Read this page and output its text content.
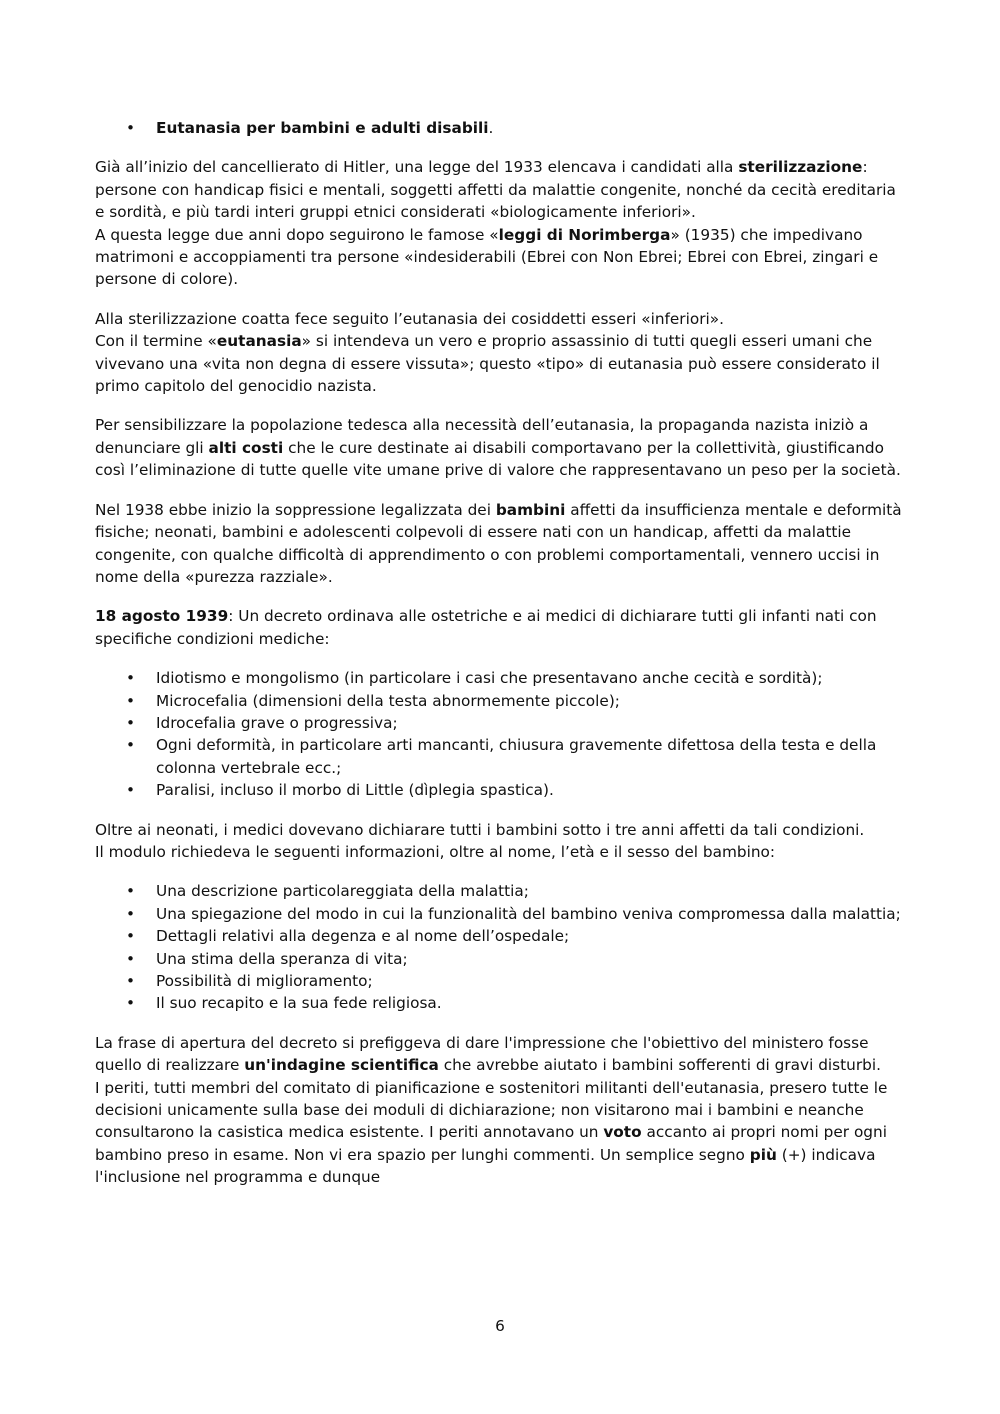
• Eutanasia per bambini e adulti disabili.

Già all’inizio del cancellierato di Hitler, una legge del 1933 elencava i candidati alla sterilizzazione: persone con handicap fisici e mentali, soggetti affetti da malattie congenite, nonché da cecità ereditaria e sordità, e più tardi interi gruppi etnici considerati «biologicamente inferiori».
A questa legge due anni dopo seguirono le famose «leggi di Norimberga» (1935) che impedivano matrimoni e accoppiamenti tra persone «indesiderabili (Ebrei con Non Ebrei; Ebrei con Ebrei, zingari e persone di colore).

Alla sterilizzazione coatta fece seguito l’eutanasia dei cosiddetti esseri «inferiori».
Con il termine «eutanasia» si intendeva un vero e proprio assassinio di tutti quegli esseri umani che vivevano una «vita non degna di essere vissuta»; questo «tipo» di eutanasia può essere considerato il primo capitolo del genocidio nazista.

Per sensibilizzare la popolazione tedesca alla necessità dell’eutanasia, la propaganda nazista iniziò a denunciare gli alti costi che le cure destinate ai disabili comportavano per la collettività, giustificando così l’eliminazione di tutte quelle vite umane prive di valore che rappresentavano un peso per la società.

Nel 1938 ebbe inizio la soppressione legalizzata dei bambini affetti da insufficienza mentale e deformità fisiche; neonati, bambini e adolescenti colpevoli di essere nati con un handicap, affetti da malattie congenite, con qualche difficoltà di apprendimento o con problemi comportamentali, vennero uccisi in nome della «purezza razziale».

18 agosto 1939: Un decreto ordinava alle ostetriche e ai medici di dichiarare tutti gli infanti nati con specifiche condizioni mediche:

• Idiotismo e mongolismo (in particolare i casi che presentavano anche cecità e sordità);
• Microcefalia (dimensioni della testa abnormemente piccole);
• Idrocefalia grave o progressiva;
• Ogni deformità, in particolare arti mancanti, chiusura gravemente difettosa della testa e della colonna vertebrale ecc.;
• Paralisi, incluso il morbo di Little (dìplegia spastica).

Oltre ai neonati, i medici dovevano dichiarare tutti i bambini sotto i tre anni affetti da tali condizioni.
Il modulo richiedeva le seguenti informazioni, oltre al nome, l’età e il sesso del bambino:

• Una descrizione particolareggiata della malattia;
• Una spiegazione del modo in cui la funzionalità del bambino veniva compromessa dalla malattia;
• Dettagli relativi alla degenza e al nome dell’ospedale;
• Una stima della speranza di vita;
• Possibilità di miglioramento;
• Il suo recapito e la sua fede religiosa.

La frase di apertura del decreto si prefiggeva di dare l'impressione che l'obiettivo del ministero fosse quello di realizzare un'indagine scientifica che avrebbe aiutato i bambini sofferenti di gravi disturbi.
I periti, tutti membri del comitato di pianificazione e sostenitori militanti dell'eutanasia, presero tutte le decisioni unicamente sulla base dei moduli di dichiarazione; non visitarono mai i bambini e neanche consultarono la casistica medica esistente. I periti annotavano un voto accanto ai propri nomi per ogni bambino preso in esame. Non vi era spazio per lunghi commenti. Un semplice segno più (+) indicava l'inclusione nel programma e dunque

6
